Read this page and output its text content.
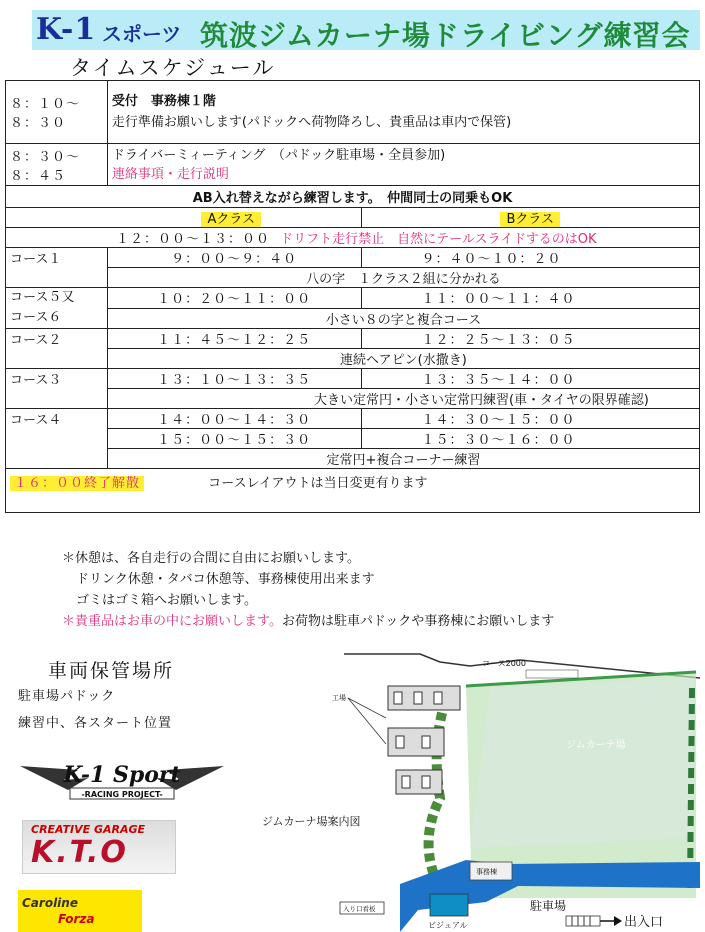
K-1 スポーツ 筑波ジムカーナ場ドライビング練習会
タイムスケジュール
８：１０～８：３０	受付　事務棟１階
走行準備お願いします(パドックへ荷物降ろし、貴重品は車内で保管)	

８：３０～８：４５	ドライバーミィーティング　（パドック駐車場・全員参加)
連絡事項・走行説明	

AB入れ替えながら練習します。　仲間同士の同乗もOK		
Aクラス		Bクラス
１２：００～１３：００ ドリフト走行禁止　自然にテールスライドするのはOK		
コース１	９：００～９：４０	９：４０～１０：２０
	八の字　１クラス２組に分かれる	

コース５又
コース６	１０：２０～１１：００	１１：００～１１：４０
	小さい８の字と複合コース	
コース２	１１：４５～１２：２５	１２：２５～１３：０５
	連続ヘアピン(水撒き)	
コース３	１３：１０～１３：３５	１３：３５～１４：００
	大きい定常円・小さい定常円練習(車・タイヤの限界確認)	
コース４	１４：００～１４：３０	１４：３０～１５：００
	１５：００～１５：３０	１５：３０～１６：００
	定常円+複合コーナー練習	
１６：００終了解散 コースレイアウトは当日変更有ります		
＊休憩は、各自走行の合間に自由にお願いします。
ドリンク休憩・タバコ休憩等、事務棟使用出来ます
ゴミはゴミ箱へお願いします。
＊貴重品はお車の中にお願いします。お荷物は駐車パドックや事務棟にお願いします
車両保管場所
駐車場パドック
練習中、各スタート位置
K-1 Sport
-RACING PROJECT-
CREATIVE GARAGE
K.T.O
Caroline
Forza
ジムカーナ場案内図
コース2000
ジムカーナ場
工場
事務棟
ビジュアル
駐車場
出入口
入り口看板
